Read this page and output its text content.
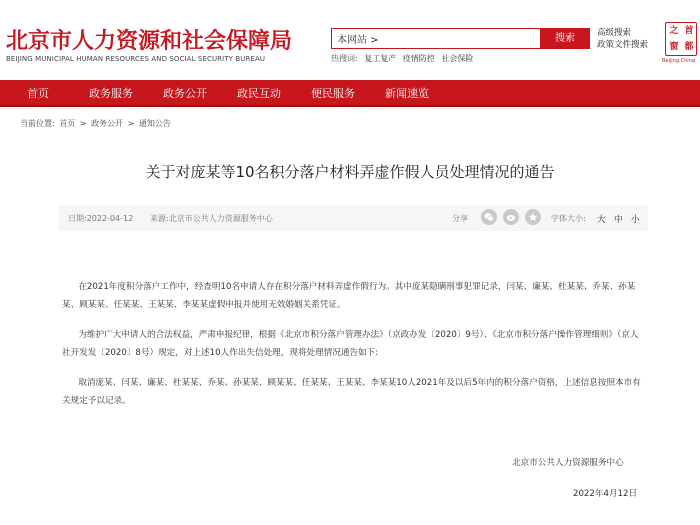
北京市人力资源和社会保障局
BEIJING MUNICIPAL HUMAN RESOURCES AND SOCIAL SECURITY BUREAU
本网站 >	搜索	高级搜索
政策文件搜索
热搜词: 复工复产 疫情防控 社会保险
首
都
之
窗
Beijing.China
首页	政务服务	政务公开	政民互动	便民服务	新闻速览
当前位置: 首页 > 政务公开 > 通知公告
关于对庞某等10名积分落户材料弄虚作假人员处理情况的通告
日期:2022-04-12 来源:北京市公共人力资源服务中心	分享	字体大小: 大 中 小
在2021年度积分落户工作中，经查明10名申请人存在积分落户材料弄虚作假行为。其中庞某隐瞒刑事犯罪记录，闫某、廉某、杜某某、乔某、孙某某、顾某某、任某某、王某某、李某某虚假申报并使用无效婚姻关系凭证。
为维护广大申请人的合法权益，严肃申报纪律，根据《北京市积分落户管理办法》（京政办发〔2020〕9号）、《北京市积分落户操作管理细则》（京人社开发发〔2020〕8号）规定，对上述10人作出失信处理，现将处理情况通告如下:
取消庞某、闫某、廉某、杜某某、乔某、孙某某、顾某某、任某某、王某某、李某某10人2021年及以后5年内的积分落户资格，上述信息按照本市有关规定予以记录。
北京市公共人力资源服务中心
2022年4月12日
